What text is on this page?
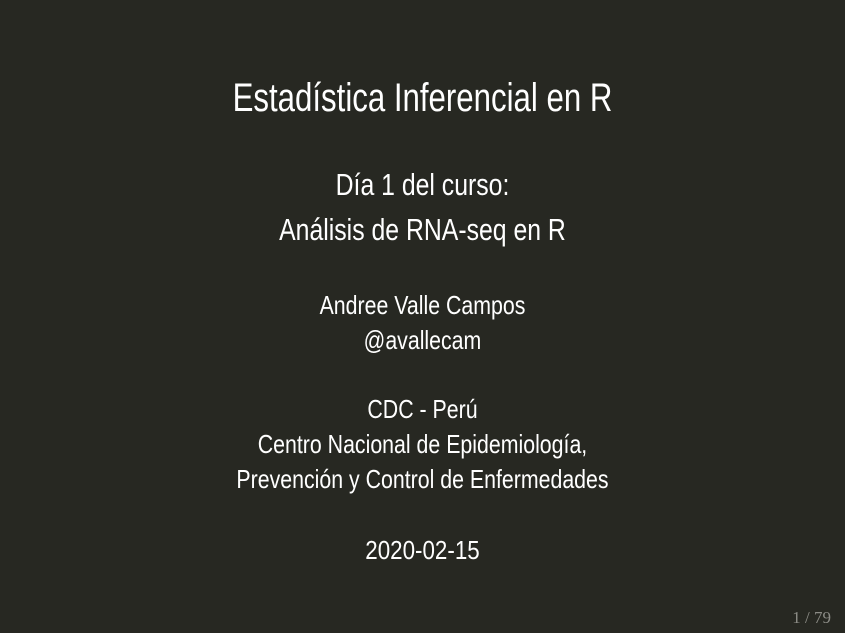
Estadística Inferencial en R
Día 1 del curso:
Análisis de RNA-seq en R
Andree Valle Campos
@avallecam
CDC - Perú
Centro Nacional de Epidemiología,
Prevención y Control de Enfermedades
2020-02-15
1 / 79
